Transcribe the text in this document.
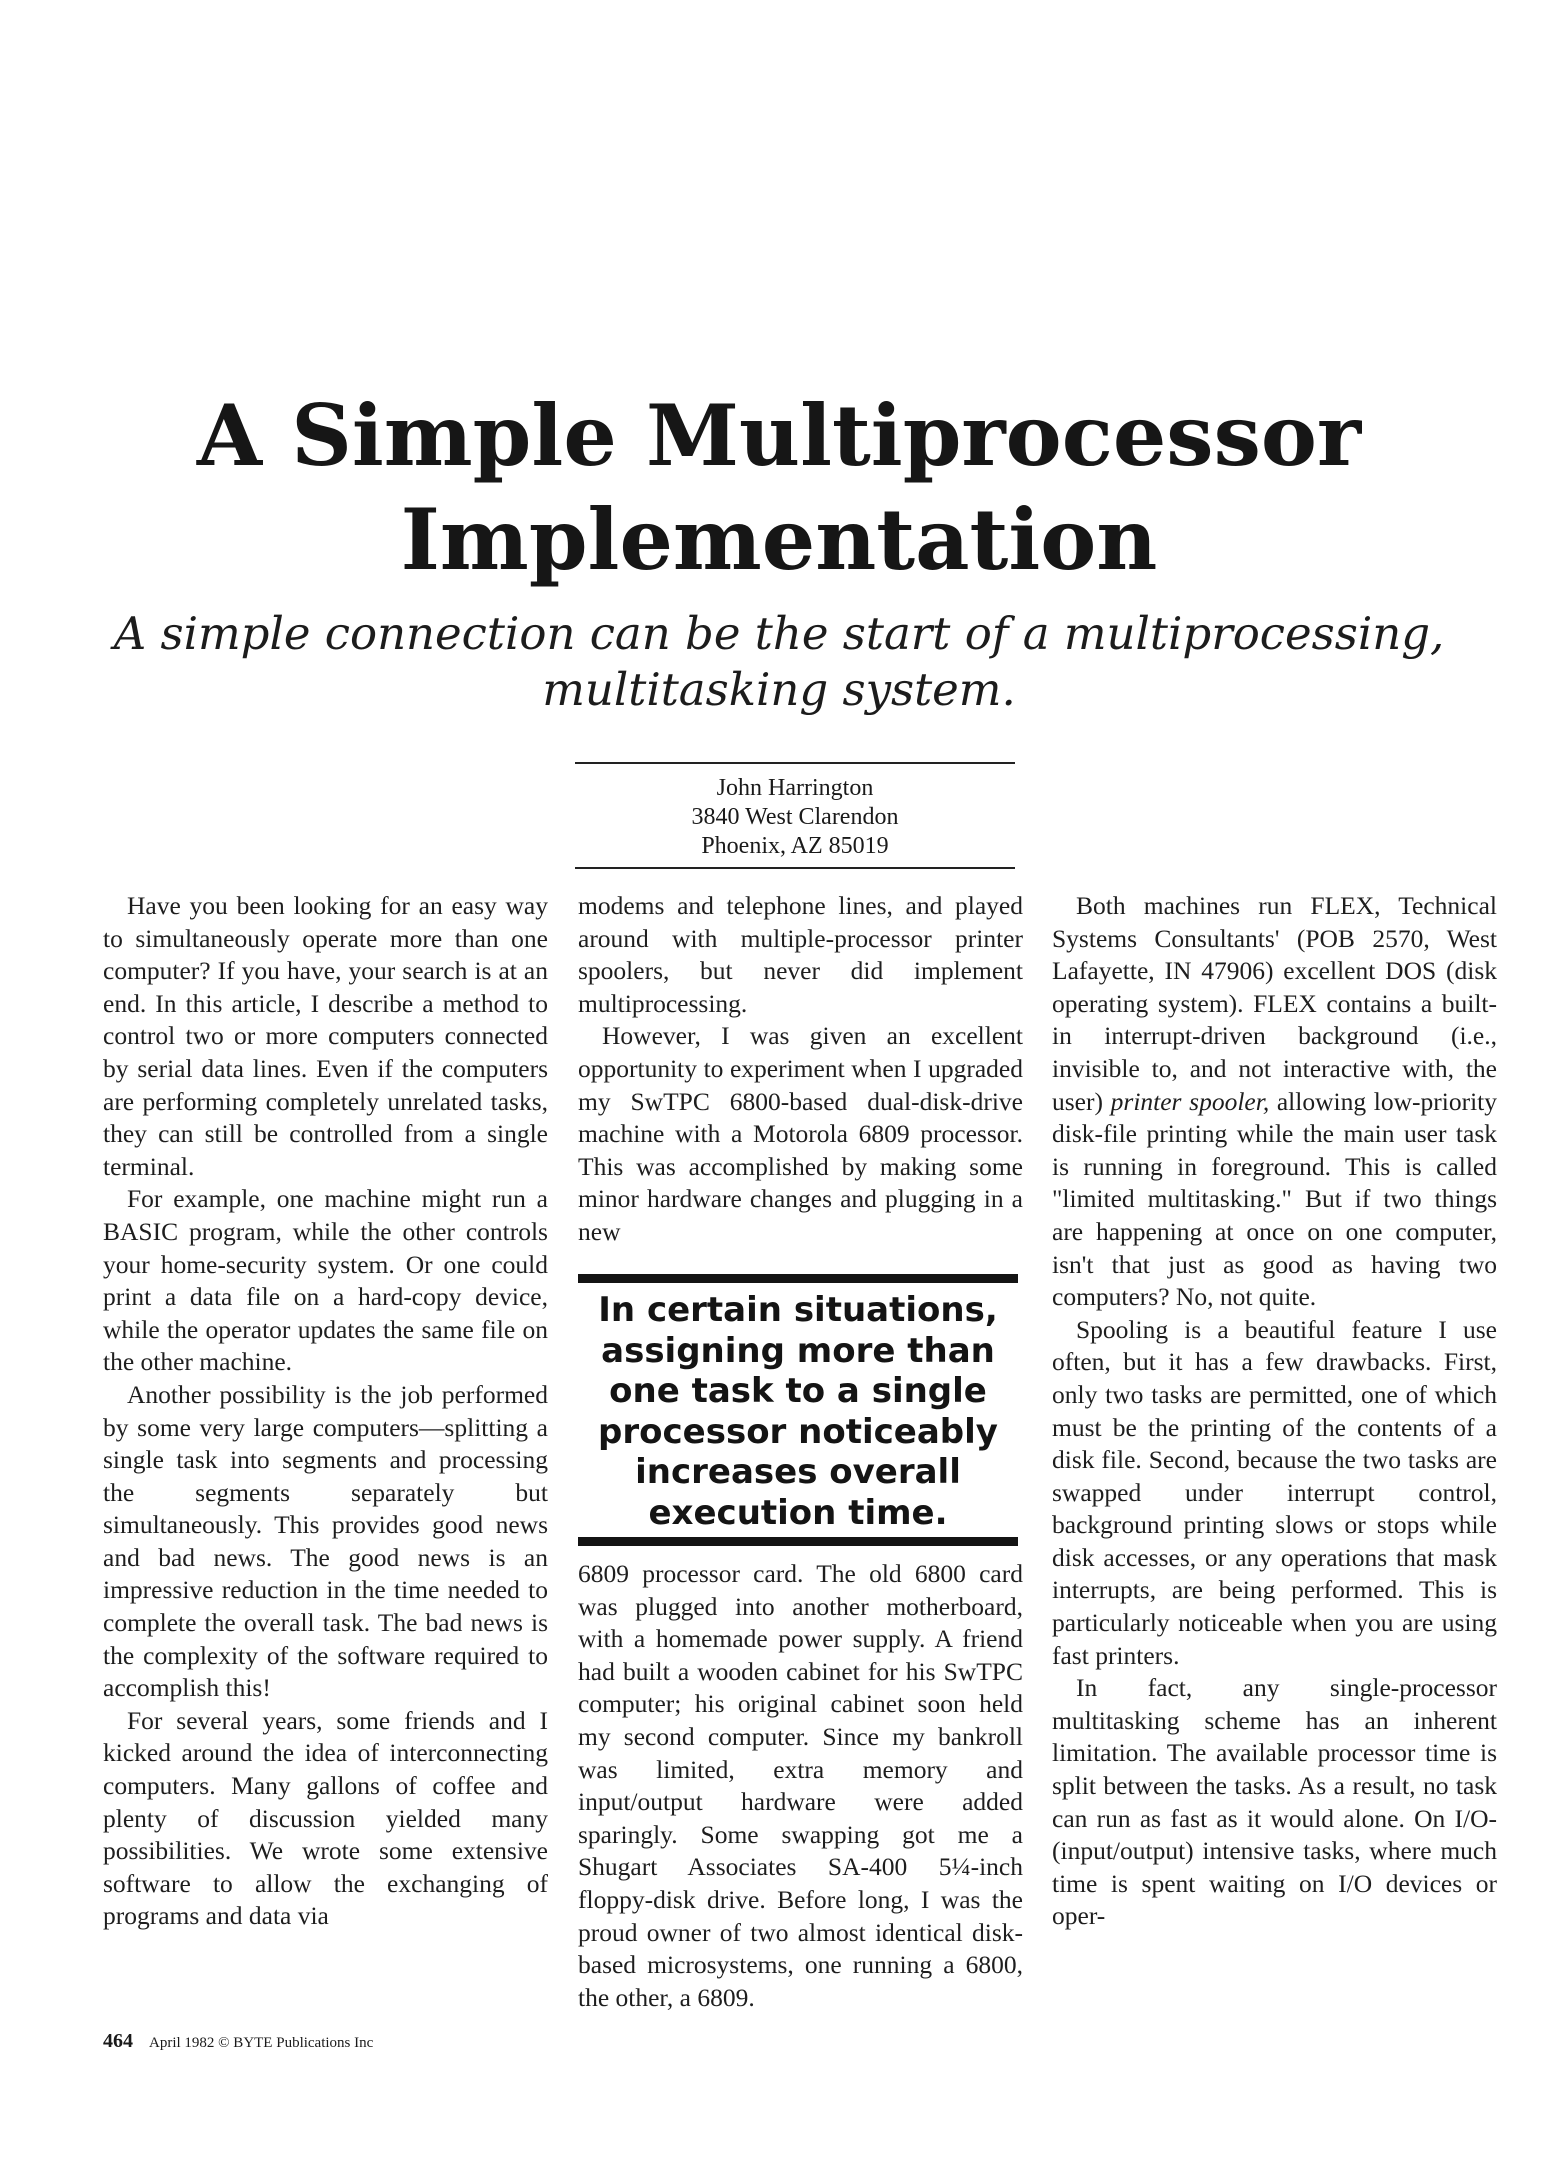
A Simple Multiprocessor Implementation

A simple connection can be the start of a multiprocessing, multitasking system.

John Harrington
3840 West Clarendon
Phoenix, AZ 85019

Have you been looking for an easy way to simultaneously operate more than one computer? If you have, your search is at an end. In this article, I describe a method to control two or more computers connected by serial data lines. Even if the computers are performing completely unrelated tasks, they can still be controlled from a single terminal.

For example, one machine might run a BASIC program, while the other controls your home-security system. Or one could print a data file on a hard-copy device, while the operator updates the same file on the other machine.

Another possibility is the job performed by some very large computers—splitting a single task into segments and processing the segments separately but simultaneously. This provides good news and bad news. The good news is an impressive reduction in the time needed to complete the overall task. The bad news is the complexity of the software required to accomplish this!

For several years, some friends and I kicked around the idea of interconnecting computers. Many gallons of coffee and plenty of discussion yielded many possibilities. We wrote some extensive software to allow the exchanging of programs and data via

modems and telephone lines, and played around with multiple-processor printer spoolers, but never did implement multiprocessing.

However, I was given an excellent opportunity to experiment when I upgraded my SwTPC 6800-based dual-disk-drive machine with a Motorola 6809 processor. This was accomplished by making some minor hardware changes and plugging in a new

In certain situations, assigning more than one task to a single processor noticeably increases overall execution time.

6809 processor card. The old 6800 card was plugged into another motherboard, with a homemade power supply. A friend had built a wooden cabinet for his SwTPC computer; his original cabinet soon held my second computer. Since my bankroll was limited, extra memory and input/output hardware were added sparingly. Some swapping got me a Shugart Associates SA-400 5¼-inch floppy-disk drive. Before long, I was the proud owner of two almost identical disk-based microsystems, one running a 6800, the other, a 6809.

Both machines run FLEX, Technical Systems Consultants' (POB 2570, West Lafayette, IN 47906) excellent DOS (disk operating system). FLEX contains a built-in interrupt-driven background (i.e., invisible to, and not interactive with, the user) printer spooler, allowing low-priority disk-file printing while the main user task is running in foreground. This is called "limited multitasking." But if two things are happening at once on one computer, isn't that just as good as having two computers? No, not quite.

Spooling is a beautiful feature I use often, but it has a few drawbacks. First, only two tasks are permitted, one of which must be the printing of the contents of a disk file. Second, because the two tasks are swapped under interrupt control, background printing slows or stops while disk accesses, or any operations that mask interrupts, are being performed. This is particularly noticeable when you are using fast printers.

In fact, any single-processor multitasking scheme has an inherent limitation. The available processor time is split between the tasks. As a result, no task can run as fast as it would alone. On I/O- (input/output) intensive tasks, where much time is spent waiting on I/O devices or oper-

464 April 1982 © BYTE Publications Inc
